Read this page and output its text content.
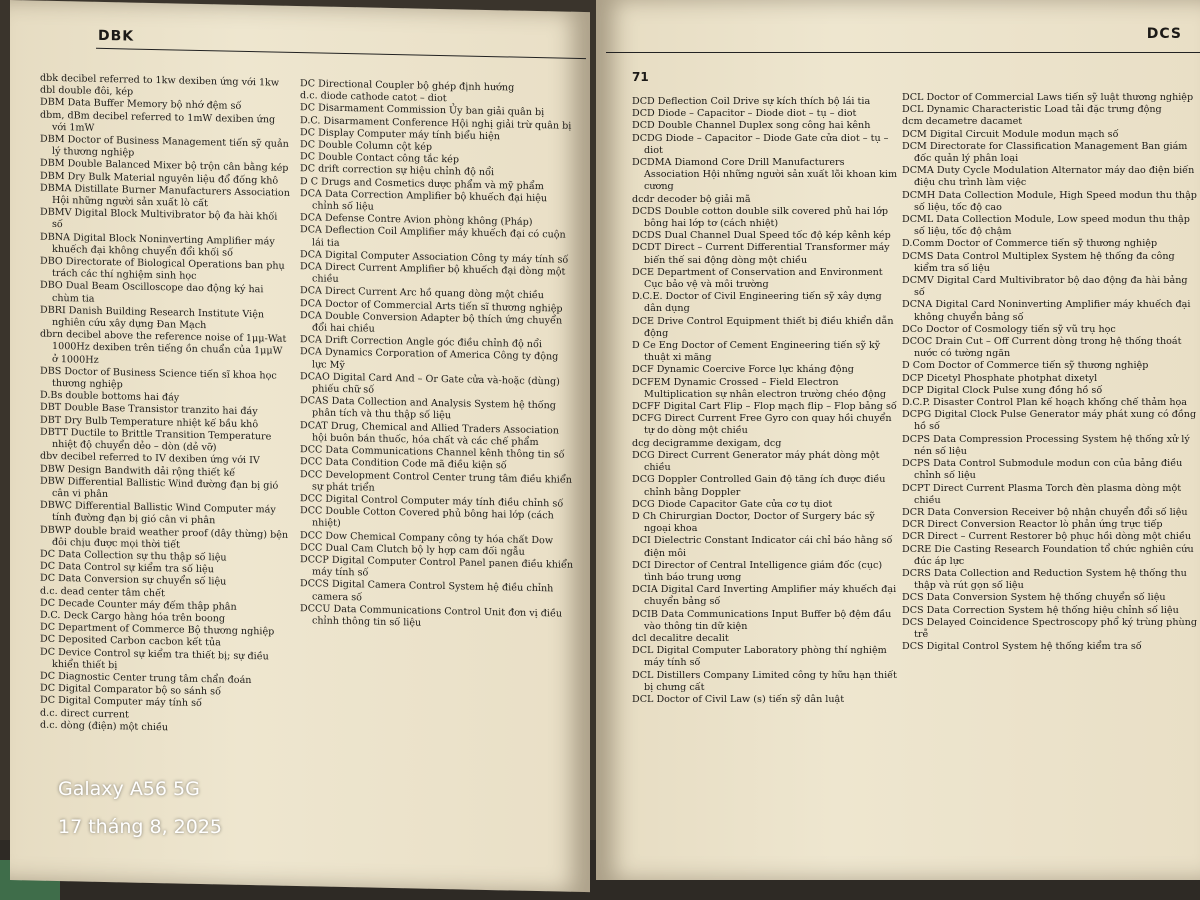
DBK

dbk decibel referred to 1kw dexiben ứng với 1kw

dbl double đôi, kép

DBM Data Buffer Memory bộ nhớ đệm số

dbm, dBm decibel referred to 1mW dexiben ứng với 1mW

DBM Doctor of Business Management tiến sỹ quản lý thương nghiệp

DBM Double Balanced Mixer bộ trộn cân bằng kép

DBM Dry Bulk Material nguyên liệu đổ đống khô

DBMA Distillate Burner Manufacturers Association Hội những người sản xuất lò cất

DBMV Digital Block Multivibrator bộ đa hài khối số

DBNA Digital Block Noninverting Amplifier máy khuếch đại không chuyển đổi khối số

DBO Directorate of Biological Operations ban phụ trách các thí nghiệm sinh học

DBO Dual Beam Oscilloscope dao động ký hai chùm tia

DBRI Danish Building Research Institute Viện nghiên cứu xây dựng Đan Mạch

dbrn decibel above the reference noise of 1μμ-Wat 1000Hz dexiben trên tiếng ồn chuẩn của 1μμW ở 1000Hz

DBS Doctor of Business Science tiến sĩ khoa học thương nghiệp

D.Bs double bottoms hai đáy

DBT Double Base Transistor tranzito hai đáy

DBT Dry Bulb Temperature nhiệt kế bầu khô

DBTT Ductile to Brittle Transition Temperature nhiệt độ chuyển dẻo – dòn (dẻ vỡ)

dbv decibel referred to IV dexiben ứng với IV

DBW Design Bandwith dải rộng thiết kế

DBW Differential Ballistic Wind đường đạn bị gió cân vi phân

DBWC Differential Ballistic Wind Computer máy tính đường đạn bị gió cân vi phân

DBWP double braid weather proof (dây thừng) bện đôi chịu được mọi thời tiết

DC Data Collection sự thu thập số liệu

DC Data Control sự kiểm tra số liệu

DC Data Conversion sự chuyển số liệu

d.c. dead center tâm chết

DC Decade Counter máy đếm thập phân

D.C. Deck Cargo hàng hóa trên boong

DC Department of Commerce Bộ thương nghiệp

DC Deposited Carbon cacbon kết tủa

DC Device Control sự kiểm tra thiết bị; sự điều khiển thiết bị

DC Diagnostic Center trung tâm chẩn đoán

DC Digital Comparator bộ so sánh số

DC Digital Computer máy tính số

d.c. direct current

d.c. dòng (điện) một chiều

DC Directional Coupler bộ ghép định hướng

d.c. diode cathode catot – diot

DC Disarmament Commission Ủy ban giải quân bị

D.C. Disarmament Conference Hội nghị giải trừ quân bị

DC Display Computer máy tính biểu hiện

DC Double Column cột kép

DC Double Contact công tắc kép

DC drift correction sự hiệu chỉnh độ nổi

D C Drugs and Cosmetics dược phẩm và mỹ phẩm

DCA Data Correction Amplifier bộ khuếch đại hiệu chỉnh số liệu

DCA Defense Contre Avion phòng không (Pháp)

DCA Deflection Coil Amplifier máy khuếch đại có cuộn lái tia

DCA Digital Computer Association Công ty máy tính số

DCA Direct Current Amplifier bộ khuếch đại dòng một chiều

DCA Direct Current Arc hồ quang dòng một chiều

DCA Doctor of Commercial Arts tiến sĩ thương nghiệp

DCA Double Conversion Adapter bộ thích ứng chuyển đổi hai chiều

DCA Drift Correction Angle góc điều chỉnh độ nổi

DCA Dynamics Corporation of America Công ty động lực Mỹ

DCAO Digital Card And – Or Gate cửa và-hoặc (dùng) phiếu chữ số

DCAS Data Collection and Analysis System hệ thống phân tích và thu thập số liệu

DCAT Drug, Chemical and Allied Traders Association hội buôn bán thuốc, hóa chất và các chế phẩm

DCC Data Communications Channel kênh thông tin số

DCC Data Condition Code mã điều kiện số

DCC Development Control Center trung tâm điều khiển sự phát triển

DCC Digital Control Computer máy tính điều chỉnh số

DCC Double Cotton Covered phủ bông hai lớp (cách nhiệt)

DCC Dow Chemical Company công ty hóa chất Dow

DCC Dual Cam Clutch bộ ly hợp cam đối ngẫu

DCCP Digital Computer Control Panel panen điều khiển máy tính số

DCCS Digital Camera Control System hệ điều chỉnh camera số

DCCU Data Communications Control Unit đơn vị điều chỉnh thông tin số liệu

DCS
71

DCD Deflection Coil Drive sự kích thích bộ lái tia

DCD Diode – Capacitor – Diode diot – tụ – diot

DCD Double Channel Duplex song công hai kênh

DCDG Diode – Capacitor – Diode Gate cửa diot – tụ – diot

DCDMA Diamond Core Drill Manufacturers Association Hội những người sản xuất lõi khoan kim cương

dcdr decoder bộ giải mã

DCDS Double cotton double silk covered phủ hai lớp bông hai lớp tơ (cách nhiệt)

DCDS Dual Channel Dual Speed tốc độ kép kênh kép

DCDT Direct – Current Differential Transformer máy biến thế sai động dòng một chiều

DCE Department of Conservation and Environment Cục bảo vệ và môi trường

D.C.E. Doctor of Civil Engineering tiến sỹ xây dựng dân dụng

DCE Drive Control Equipment thiết bị điều khiển dẫn động

D Ce Eng Doctor of Cement Engineering tiến sỹ kỹ thuật xi măng

DCF Dynamic Coercive Force lực kháng động

DCFEM Dynamic Crossed – Field Electron Multiplication sự nhân electron trường chéo động

DCFF Digital Cart Flip – Flop mạch flip – Flop bảng số

DCFG Direct Current Free Gyro con quay hồi chuyển tự do dòng một chiều

dcg decigramme dexigam, dcg

DCG Direct Current Generator máy phát dòng một chiều

DCG Doppler Controlled Gain độ tăng ích được điều chỉnh bằng Doppler

DCG Diode Capacitor Gate cửa cơ tụ diot

D Ch Chirurgian Doctor, Doctor of Surgery bác sỹ ngoại khoa

DCI Dielectric Constant Indicator cái chỉ báo hằng số điện môi

DCI Director of Central Intelligence giám đốc (cục) tình báo trung ương

DCIA Digital Card Inverting Amplifier máy khuếch đại chuyển bảng số

DCIB Data Communications Input Buffer bộ đệm đầu vào thông tin dữ kiện

dcl decalitre decalit

DCL Digital Computer Laboratory phòng thí nghiệm máy tính số

DCL Distillers Company Limited công ty hữu hạn thiết bị chưng cất

DCL Doctor of Civil Law (s) tiến sỹ dân luật

DCL Doctor of Commercial Laws tiến sỹ luật thương nghiệp

DCL Dynamic Characteristic Load tải đặc trưng động

dcm decametre dacamet

DCM Digital Circuit Module modun mạch số

DCM Directorate for Classification Management Ban giám đốc quản lý phân loại

DCMA Duty Cycle Modulation Alternator máy dao điện biến điệu chu trình làm việc

DCMH Data Collection Module, High Speed modun thu thập số liệu, tốc độ cao

DCML Data Collection Module, Low speed modun thu thập số liệu, tốc độ chậm

D.Comm Doctor of Commerce tiến sỹ thương nghiệp

DCMS Data Control Multiplex System hệ thống đa công kiểm tra số liệu

DCMV Digital Card Multivibrator bộ dao động đa hài bảng số

DCNA Digital Card Noninverting Amplifier máy khuếch đại không chuyển bảng số

DCo Doctor of Cosmology tiến sỹ vũ trụ học

DCOC Drain Cut – Off Current dòng trong hệ thống thoát nước có tường ngăn

D Com Doctor of Commerce tiến sỹ thương nghiệp

DCP Dicetyl Phosphate photphat dixetyl

DCP Digital Clock Pulse xung đồng hồ số

D.C.P. Disaster Control Plan kế hoạch khống chế thảm họa

DCPG Digital Clock Pulse Generator máy phát xung có đồng hồ số

DCPS Data Compression Processing System hệ thống xử lý nén số liệu

DCPS Data Control Submodule modun con của bảng điều chỉnh số liệu

DCPT Direct Current Plasma Torch đèn plasma dòng một chiều

DCR Data Conversion Receiver bộ nhận chuyển đổi số liệu

DCR Direct Conversion Reactor lò phản ứng trực tiếp

DCR Direct – Current Restorer bộ phục hồi dòng một chiều

DCRE Die Casting Research Foundation tổ chức nghiên cứu đúc áp lực

DCRS Data Collection and Reduction System hệ thống thu thập và rút gọn số liệu

DCS Data Conversion System hệ thống chuyển số liệu

DCS Data Correction System hệ thống hiệu chỉnh số liệu

DCS Delayed Coincidence Spectroscopy phổ ký trùng phùng trễ

DCS Digital Control System hệ thống kiểm tra số

Galaxy A56 5G
17 tháng 8, 2025
